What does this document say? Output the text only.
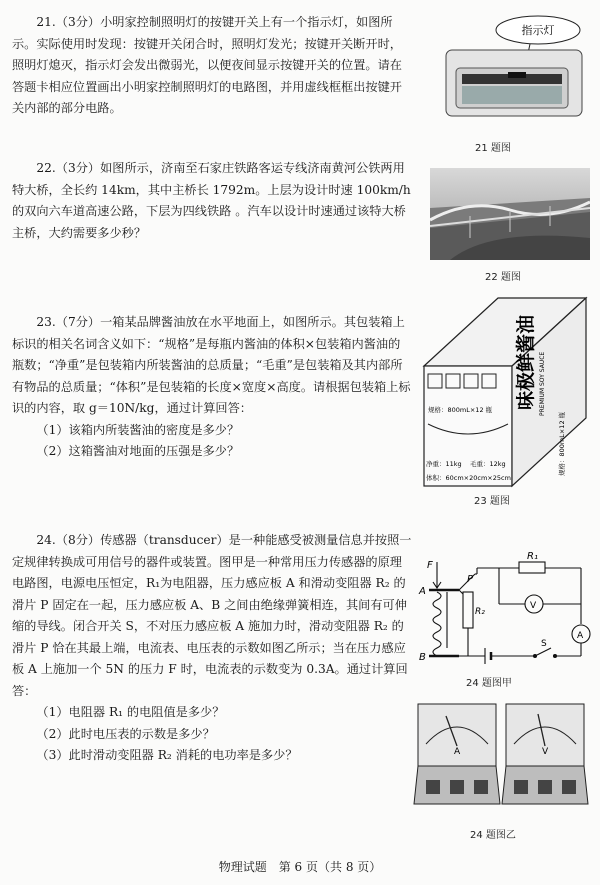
21.（3分）小明家控制照明灯的按键开关上有一个指示灯，如图所示。实际使用时发现：按键开关闭合时，照明灯发光；按键开关断开时，照明灯熄灭，指示灯会发出微弱光，以便夜间显示按键开关的位置。请在答题卡相应位置画出小明家控制照明灯的电路图，并用虚线框框出按键开关内部的部分电路。

指示灯
21 题图

22.（3分）如图所示，济南至石家庄铁路客运专线济南黄河公铁两用特大桥，全长约 14km，其中主桥长 1792m。上层为设计时速 100km/h 的双向六车道高速公路，下层为四线铁路 。汽车以设计时速通过该特大桥主桥，大约需要多少秒？

22 题图

23.（7分）一箱某品牌酱油放在水平地面上，如图所示。其包装箱上标识的相关名词含义如下：“规格”是每瓶内酱油的体积×包装箱内酱油的瓶数；“净重”是包装箱内所装酱油的总质量；“毛重”是包装箱及其内部所有物品的总质量；“体积”是包装箱的长度×宽度×高度。请根据包装箱上标识的内容，取 g＝10N/kg，通过计算回答：

（1）该箱内所装酱油的密度是多少？
（2）这箱酱油对地面的压强是多少？
规格：800mL×12 瓶
净重：11kg 毛重：12kg
体积：60cm×20cm×25cm
味极鲜酱油 PREMIUM SOY SAUCE
规格：800mL×12 瓶
23 题图

24.（8分）传感器（transducer）是一种能感受被测量信息并按照一定规律转换成可用信号的器件或装置。图甲是一种常用压力传感器的原理电路图，电源电压恒定，R₁为电阻器，压力感应板 A 和滑动变阻器 R₂ 的滑片 P 固定在一起，压力感应板 A、B 之间由绝缘弹簧相连，其间有可伸缩的导线。闭合开关 S，不对压力感应板 A 施加力时，滑动变阻器 R₂ 的滑片 P 恰在其最上端，电流表、电压表的示数如图乙所示；当在压力感应板 A 上施加一个 5N 的压力 F 时，电流表的示数变为 0.3A。通过计算回答：

（1）电阻器 R₁ 的电阻值是多少？
（2）此时电压表的示数是多少？
（3）此时滑动变阻器 R₂ 消耗的电功率是多少？
F
A
B
P
R₁
R₂
V
A
S
24 题图甲
A	V
24 题图乙
物理试题　第 6 页（共 8 页）
